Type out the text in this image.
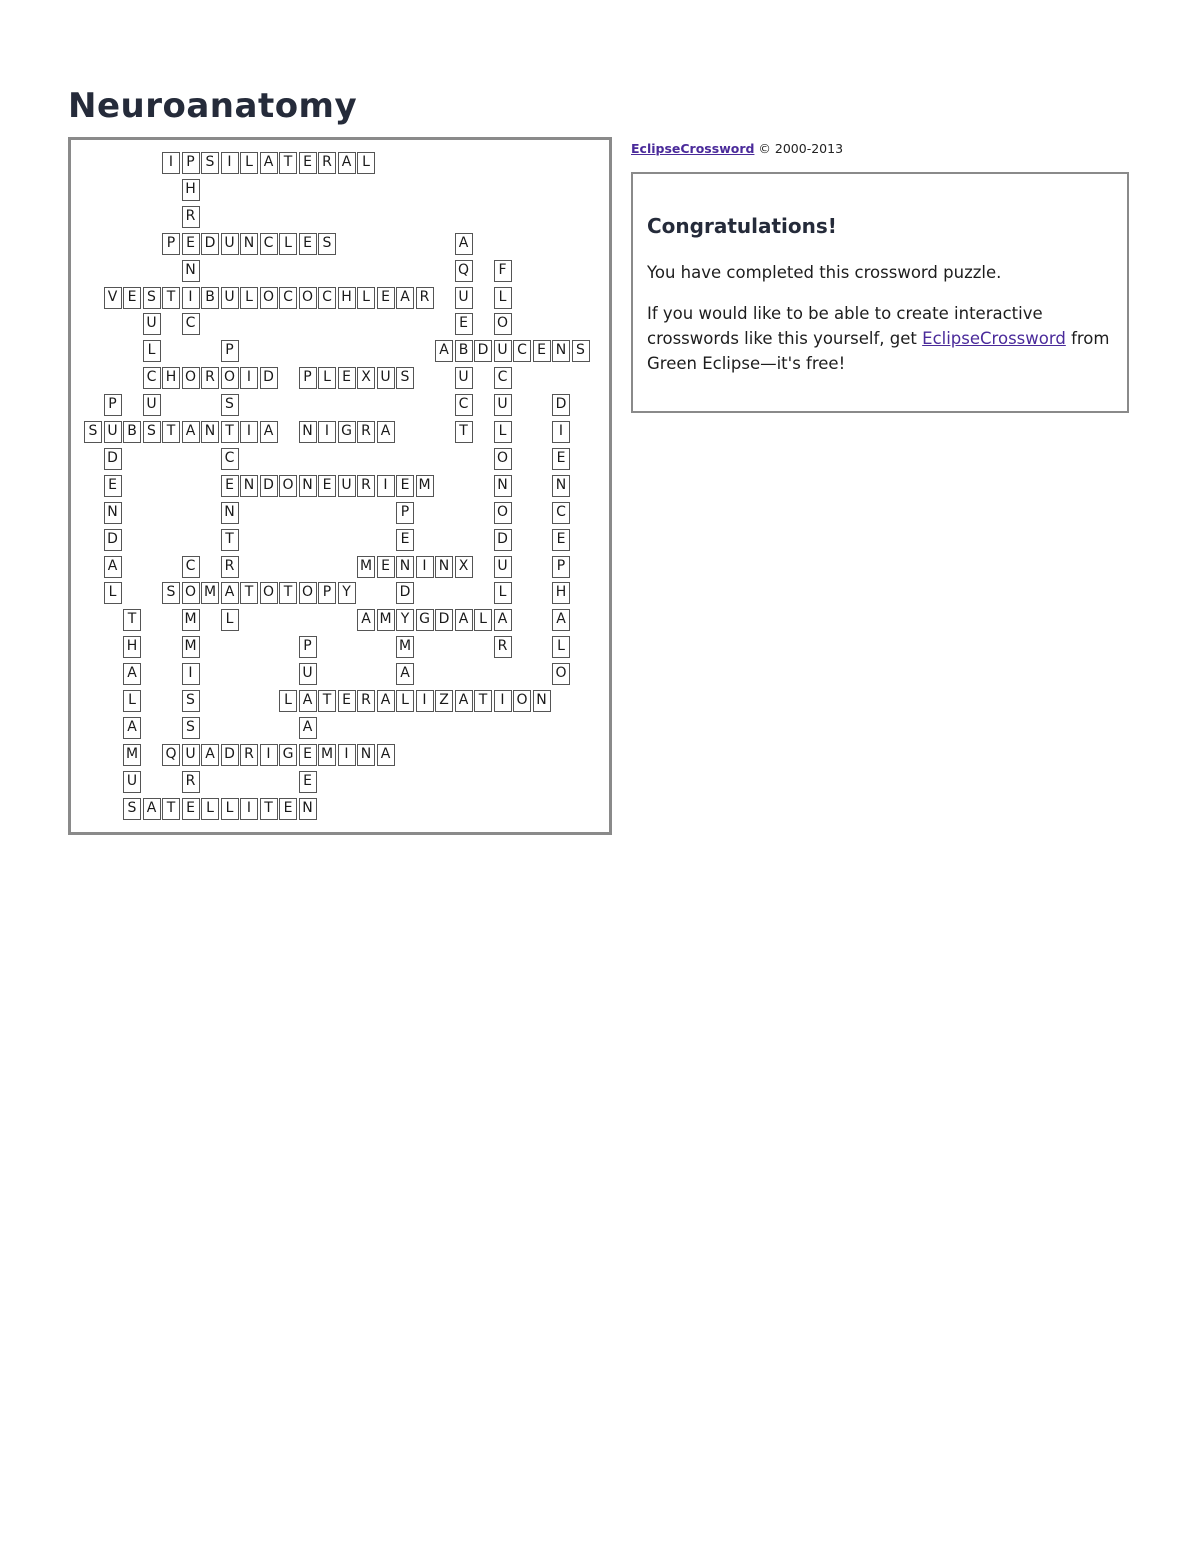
Neuroanatomy
I P S I L A T E R A L
H
R
P E D U N C L E S	A
N	Q	F
V E S T I B U L O C O C H L E A R U	L
U C	E	O
L	P	A B D U C E N S
C H O R O I D	P L E X U S	U C
P	U	S	C U	D
S U B S T A N T I A	N I G R A	T	L	I
D	C	O	E
E	E N D O N E U R I E M	N	N
N	N	P	O	C
D	T	E	D	E
A	C R	M E N I N X	U	P
L	S O M A T O T O P Y	D	L	H
T	M	L	A M Y G D A L A	A
H	M	P	M	R	L
A	I	U	A	O
L	S	L A T E R A L I Z A T I O N
A	S	A
M Q U A D R I G E M I N A
U	R	E
S A T E L L I T E N
EclipseCrossword © 2000-2013
Congratulations!

You have completed this crossword puzzle.

If you would like to be able to create interactive crosswords like this yourself, get EclipseCrossword from Green Eclipse—it's free!
